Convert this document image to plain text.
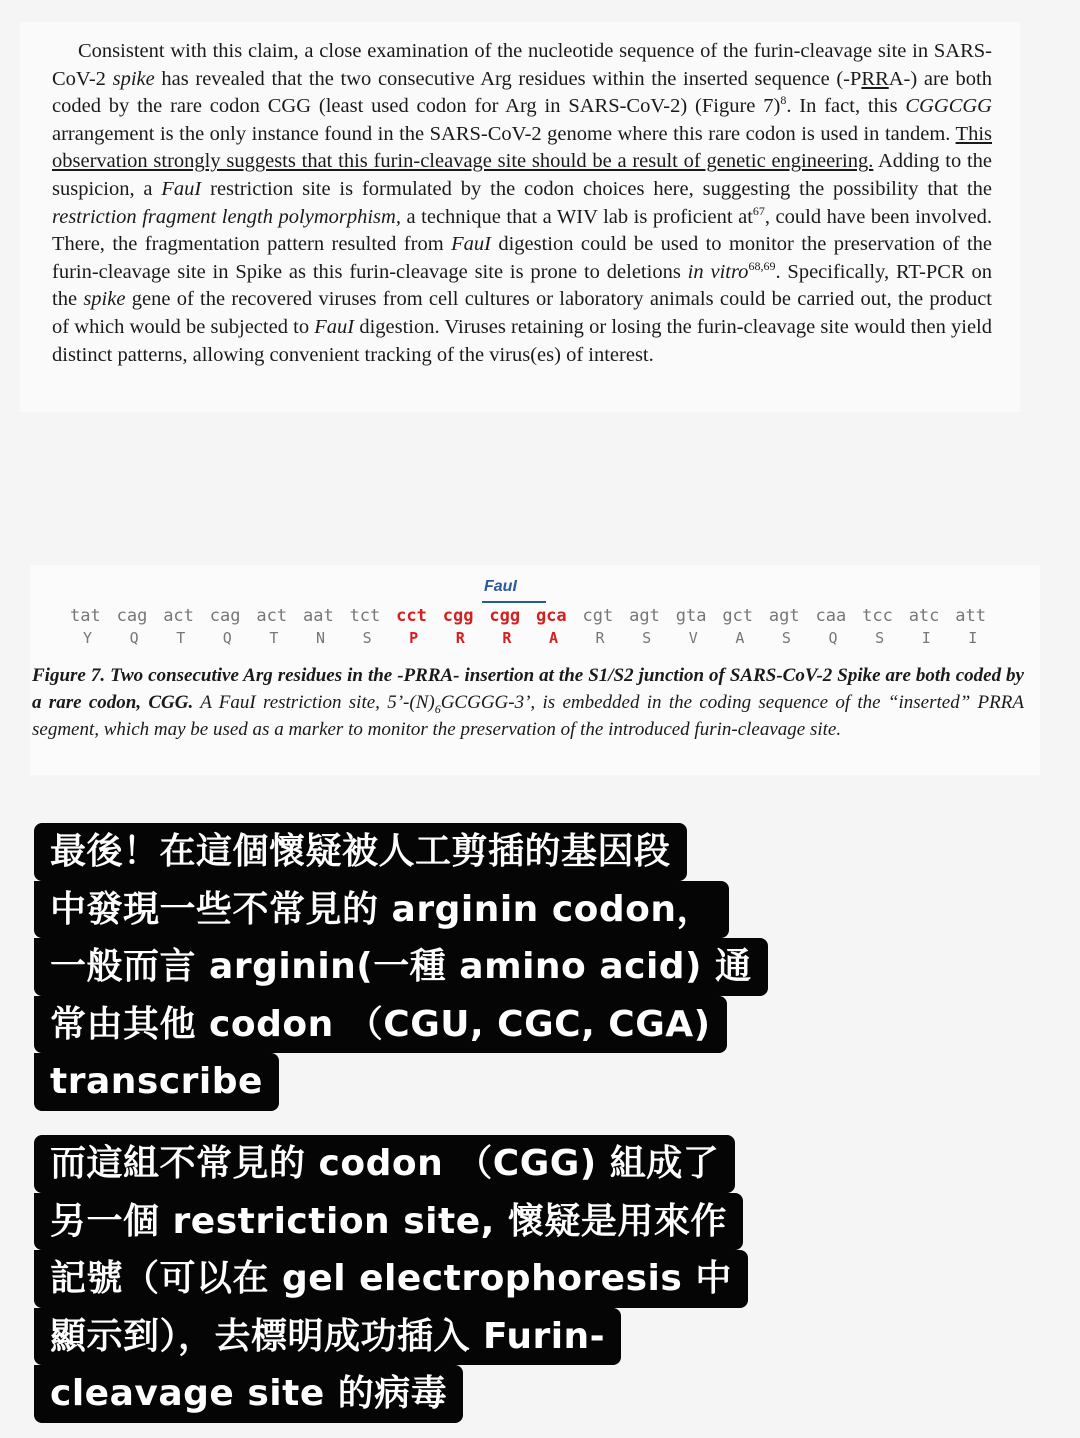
Consistent with this claim, a close examination of the nucleotide sequence of the furin-cleavage site in SARS-CoV-2 spike has revealed that the two consecutive Arg residues within the inserted sequence (-PRRA-) are both coded by the rare codon CGG (least used codon for Arg in SARS-CoV-2) (Figure 7)$^8$. In fact, this CGGCGG arrangement is the only instance found in the SARS-CoV-2 genome where this rare codon is used in tandem. This observation strongly suggests that this furin-cleavage site should be a result of genetic engineering. Adding to the suspicion, a FauI restriction site is formulated by the codon choices here, suggesting the possibility that the restriction fragment length polymorphism, a technique that a WIV lab is proficient $at^{67}$, could have been involved. There, the fragmentation pattern resulted from FauI digestion could be used to monitor the preservation of the furin-cleavage site in Spike as this furin-cleavage site is prone to deletions in vitro$^{68,69}$. Specifically, RT-PCR on the spike gene of the recovered viruses from cell cultures or laboratory animals could be carried out, the product of which would be subjected to FauI digestion. Viruses retaining or losing the furin-cleavage site would then yield distinct patterns, allowing convenient tracking of the virus(es) of interest.

FauI
tat cag act cag act aat tct cct cgg cgg gca cgt agt gta gct agt caa tcc atc att
Y	Q	T	Q	T	N	S	P	R	R	A	R	S	V	A	S	Q	S	I	I

Figure 7. Two consecutive Arg residues in the -PRRA- insertion at the S1/S2 junction of SARS-CoV-2 Spike are both coded by a rare codon, CGG. A FauI restriction site, $5’-(N)_6GCGGG-3$’, is embedded in the coding sequence of the “inserted” PRRA segment, which may be used as a marker to monitor the preservation of the introduced furin-cleavage site.

最後！在這個懷疑被人工剪插的基因段
中發現一些不常見的 arginin codon，
一般而言 arginin(一種 amino acid) 通
常由其他 codon （CGU, CGC, CGA)
transcribe
而這組不常見的 codon （CGG) 組成了
另一個 restriction site, 懷疑是用來作
記號（可以在 gel electrophoresis 中
顯示到），去標明成功插入 Furin-
cleavage site 的病毒
